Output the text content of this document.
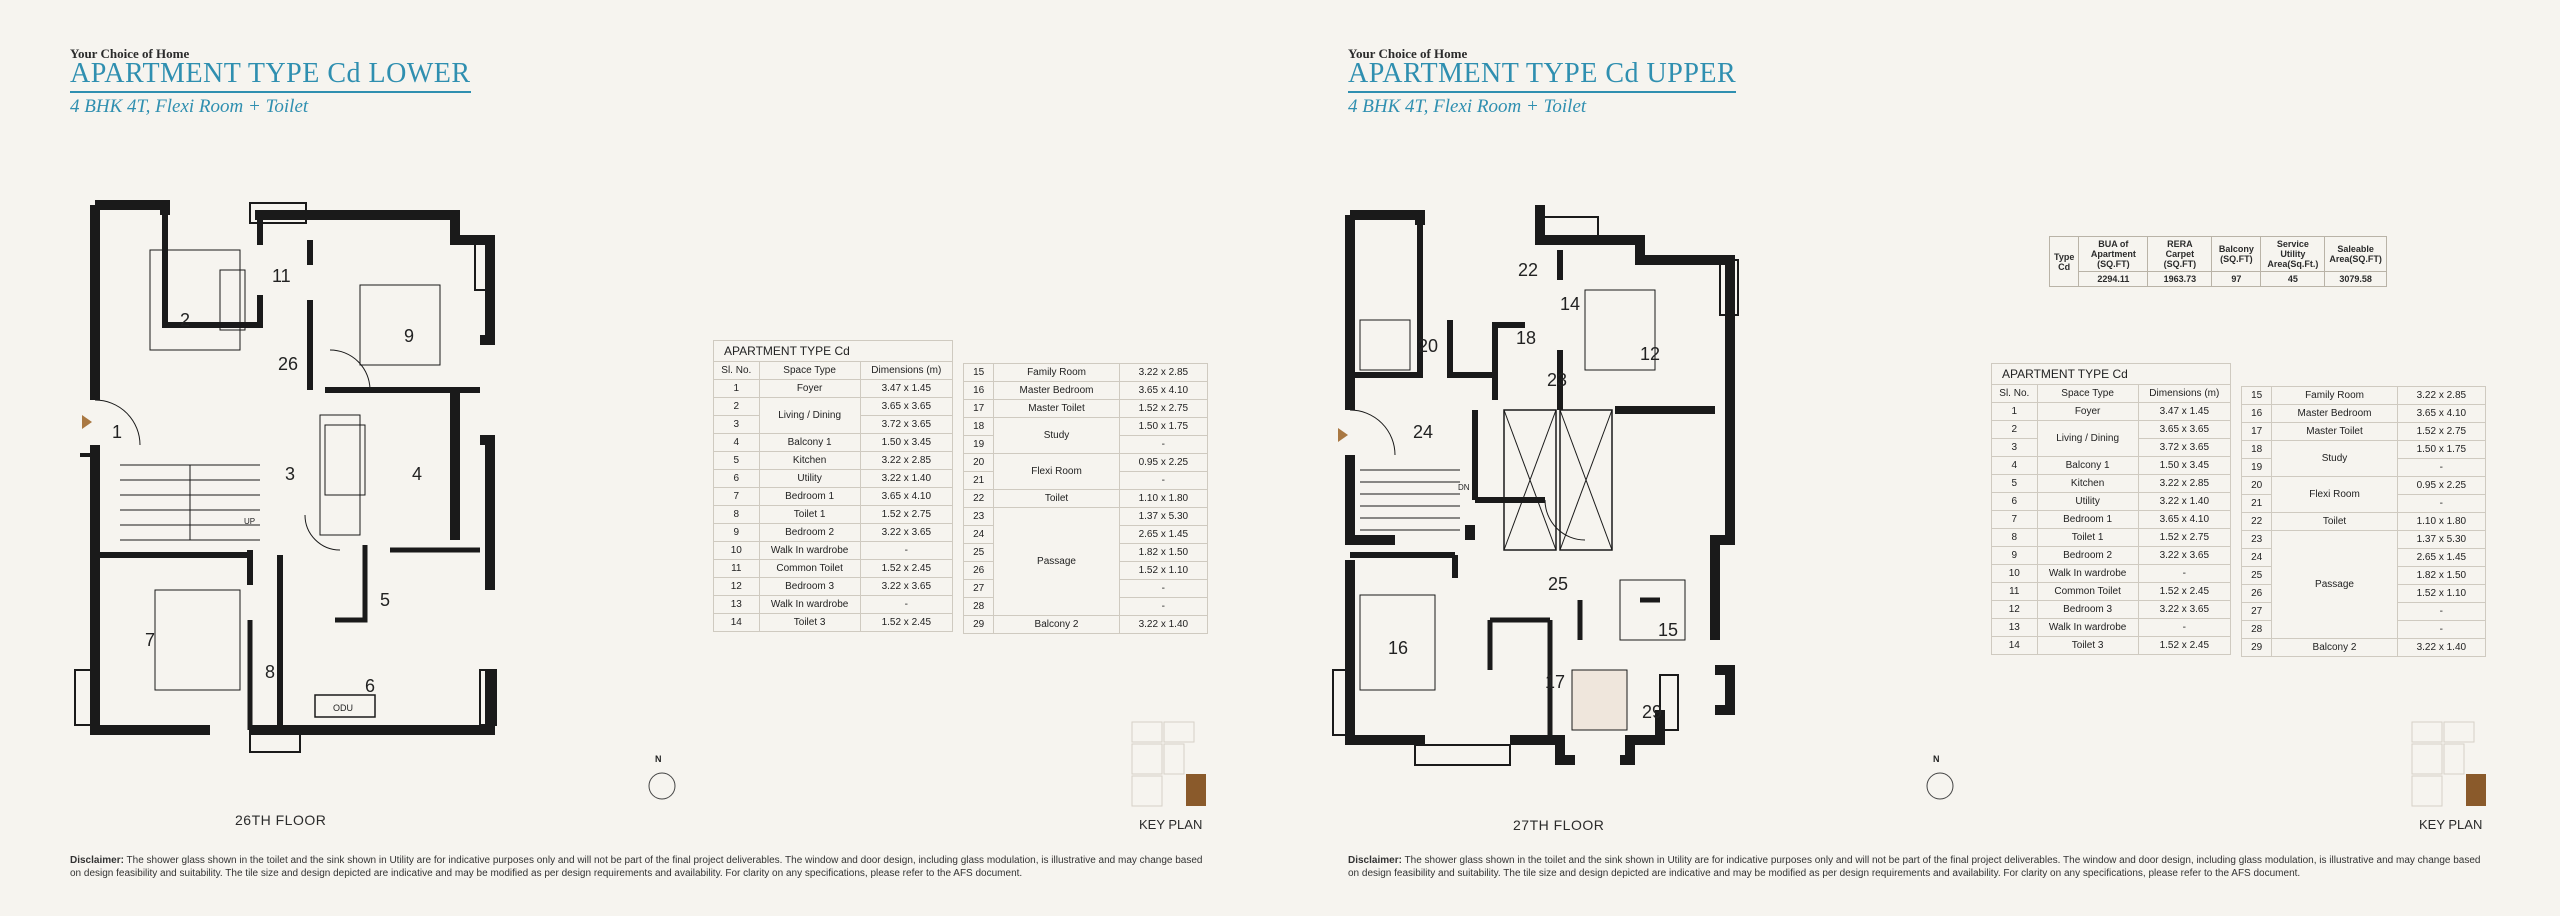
Your Choice of Home
APARTMENT TYPE Cd LOWER
4 BHK 4T, Flexi Room + Toilet
1
2
3	4
5
6
7
8
9
11
26
ODU
UP
26TH FLOOR
N
KEY PLAN
APARTMENT TYPE Cd		
Sl. No.	Space Type	Dimensions (m)
1	Foyer	3.47 x 1.45
2	Living / Dining	3.65 x 3.65
3		3.72 x 3.65
4	Balcony 1	1.50 x 3.45
5	Kitchen	3.22 x 2.85
6	Utility	3.22 x 1.40
7	Bedroom 1	3.65 x 4.10
8	Toilet 1	1.52 x 2.75
9	Bedroom 2	3.22 x 3.65
10	Walk In wardrobe	-
11	Common Toilet	1.52 x 2.45
12	Bedroom 3	3.22 x 3.65
13	Walk In wardrobe	-
14	Toilet 3	1.52 x 2.45
15	Family Room	3.22 x 2.85
16	Master Bedroom	3.65 x 4.10
17	Master Toilet	1.52 x 2.75
18	Study	1.50 x 1.75
19		-
20	Flexi Room	0.95 x 2.25
21		-
22	Toilet	1.10 x 1.80
23	Passage	1.37 x 5.30
24		2.65 x 1.45
25		1.82 x 1.50
26		1.52 x 1.10
27		-
28		-
29	Balcony 2	3.22 x 1.40
Disclaimer: The shower glass shown in the toilet and the sink shown in Utility are for indicative purposes only and will not be part of the final project deliverables. The window and door design, including glass modulation, is illustrative and may change based on design feasibility and suitability. The tile size and design depicted are indicative and may be modified as per design requirements and availability. For clarity on any specifications, please refer to the AFS document.
Your Choice of Home
APARTMENT TYPE Cd UPPER
4 BHK 4T, Flexi Room + Toilet
Type
Cd	BUA of Apartment (SQ.FT)	RERA Carpet (SQ.FT)	Balcony (SQ.FT)	Service Utility Area(Sq.Ft.)	Saleable Area(SQ.FT)
	2294.11	1963.73	97	45	3079.58
12
14
15
16
17
18
20
22
23
24
25
29
DN
27TH FLOOR
N
KEY PLAN
APARTMENT TYPE Cd		
Sl. No.	Space Type	Dimensions (m)
1	Foyer	3.47 x 1.45
2	Living / Dining	3.65 x 3.65
3		3.72 x 3.65
4	Balcony 1	1.50 x 3.45
5	Kitchen	3.22 x 2.85
6	Utility	3.22 x 1.40
7	Bedroom 1	3.65 x 4.10
8	Toilet 1	1.52 x 2.75
9	Bedroom 2	3.22 x 3.65
10	Walk In wardrobe	-
11	Common Toilet	1.52 x 2.45
12	Bedroom 3	3.22 x 3.65
13	Walk In wardrobe	-
14	Toilet 3	1.52 x 2.45
15	Family Room	3.22 x 2.85
16	Master Bedroom	3.65 x 4.10
17	Master Toilet	1.52 x 2.75
18	Study	1.50 x 1.75
19		-
20	Flexi Room	0.95 x 2.25
21		-
22	Toilet	1.10 x 1.80
23	Passage	1.37 x 5.30
24		2.65 x 1.45
25		1.82 x 1.50
26		1.52 x 1.10
27		-
28		-
29	Balcony 2	3.22 x 1.40
Disclaimer: The shower glass shown in the toilet and the sink shown in Utility are for indicative purposes only and will not be part of the final project deliverables. The window and door design, including glass modulation, is illustrative and may change based on design feasibility and suitability. The tile size and design depicted are indicative and may be modified as per design requirements and availability. For clarity on any specifications, please refer to the AFS document.
